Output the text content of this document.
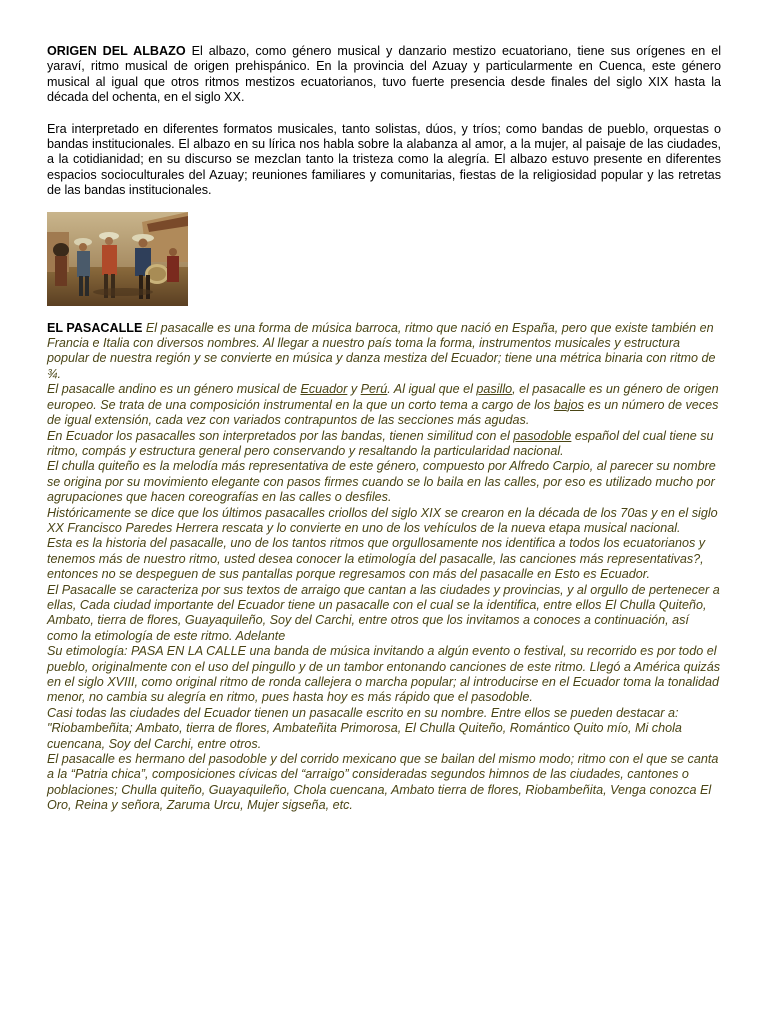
ORIGEN DEL ALBAZO El albazo, como género musical y danzario mestizo ecuatoriano, tiene sus orígenes en el yaraví, ritmo musical de origen prehispánico. En la provincia del Azuay y particularmente en Cuenca, este género musical al igual que otros ritmos mestizos ecuatorianos, tuvo fuerte presencia desde finales del siglo XIX hasta la década del ochenta, en el siglo XX.

Era interpretado en diferentes formatos musicales, tanto solistas, dúos, y tríos; como bandas de pueblo, orquestas o bandas institucionales. El albazo en su lírica nos habla sobre la alabanza al amor, a la mujer, al paisaje de las ciudades, a la cotidianidad; en su discurso se mezclan tanto la tristeza como la alegría. El albazo estuvo presente en diferentes espacios socioculturales del Azuay; reuniones familiares y comunitarias, fiestas de la religiosidad popular y las retretas de las bandas institucionales.

EL PASACALLE El pasacalle es una forma de música barroca, ritmo que nació en España, pero que existe también en Francia e Italia con diversos nombres. Al llegar a nuestro país toma la forma, instrumentos musicales y estructura popular de nuestra región y se convierte en música y danza mestiza del Ecuador; tiene una métrica binaria con ritmo de ¾.

El pasacalle andino es un género musical de Ecuador y Perú. Al igual que el pasillo, el pasacalle es un género de origen europeo. Se trata de una composición instrumental en la que un corto tema a cargo de los bajos es un número de veces de igual extensión, cada vez con variados contrapuntos de las secciones más agudas.

En Ecuador los pasacalles son interpretados por las bandas, tienen similitud con el pasodoble español del cual tiene su ritmo, compás y estructura general pero conservando y resaltando la particularidad nacional.

El chulla quiteño es la melodía más representativa de este género, compuesto por Alfredo Carpio, al parecer su nombre se origina por su movimiento elegante con pasos firmes cuando se lo baila en las calles, por eso es utilizado mucho por agrupaciones que hacen coreografías en las calles o desfiles.

Históricamente se dice que los últimos pasacalles criollos del siglo XIX se crearon en la década de los 70as y en el siglo XX Francisco Paredes Herrera rescata y lo convierte en uno de los vehículos de la nueva etapa musical nacional.

Esta es la historia del pasacalle, uno de los tantos ritmos que orgullosamente nos identifica a todos los ecuatorianos y tenemos más de nuestro ritmo, usted desea conocer la etimología del pasacalle, las canciones más representativas?, entonces no se despeguen de sus pantallas porque regresamos con más del pasacalle en Esto es Ecuador.

El Pasacalle se caracteriza por sus textos de arraigo que cantan a las ciudades y provincias, y al orgullo de pertenecer a ellas, Cada ciudad importante del Ecuador tiene un pasacalle con el cual se la identifica, entre ellos El Chulla Quiteño, Ambato, tierra de flores, Guayaquileño, Soy del Carchi, entre otros que los invitamos a conoces a continuación, así como la etimología de este ritmo. Adelante

Su etimología: PASA EN LA CALLE una banda de música invitando a algún evento o festival, su recorrido es por todo el pueblo, originalmente con el uso del pingullo y de un tambor entonando canciones de este ritmo. Llegó a América quizás en el siglo XVIII, como original ritmo de ronda callejera o marcha popular; al introducirse en el Ecuador toma la tonalidad menor, no cambia su alegría en ritmo, pues hasta hoy es más rápido que el pasodoble.

Casi todas las ciudades del Ecuador tienen un pasacalle escrito en su nombre. Entre ellos se pueden destacar a: "Riobambeñita; Ambato, tierra de flores, Ambateñita Primorosa, El Chulla Quiteño, Romántico Quito mío, Mi chola cuencana, Soy del Carchi, entre otros.

El pasacalle es hermano del pasodoble y del corrido mexicano que se bailan del mismo modo; ritmo con el que se canta a la “Patria chica”, composiciones cívicas del “arraigo” consideradas segundos himnos de las ciudades, cantones o poblaciones; Chulla quiteño, Guayaquileño, Chola cuencana, Ambato tierra de flores, Riobambeñita, Venga conozca El Oro, Reina y señora, Zaruma Urcu, Mujer sigseña, etc.
